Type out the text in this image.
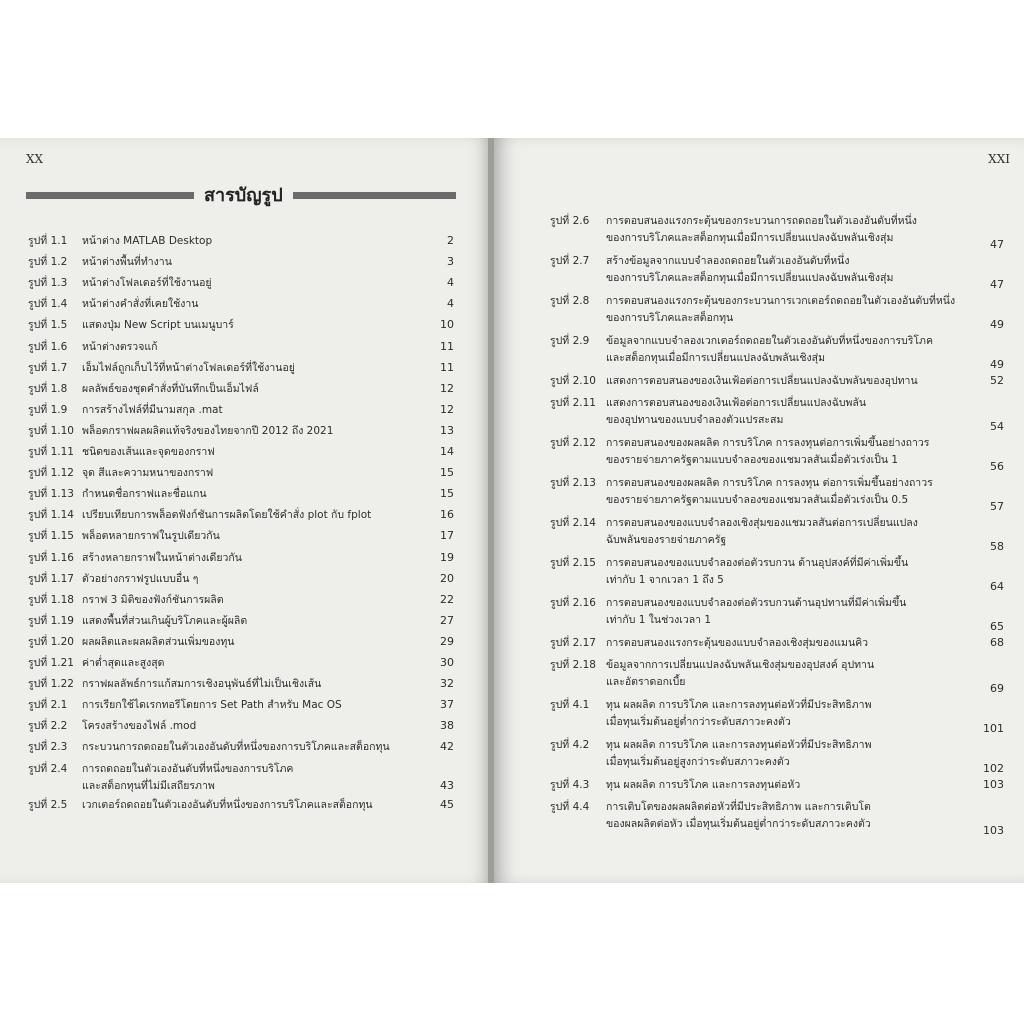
XX
สารบัญรูป
รูปที่ 1.1 หน้าต่าง MATLAB Desktop	2
รูปที่ 1.2 หน้าต่างพื้นที่ทำงาน	3
รูปที่ 1.3 หน้าต่างโฟลเดอร์ที่ใช้งานอยู่	4
รูปที่ 1.4 หน้าต่างคำสั่งที่เคยใช้งาน	4
รูปที่ 1.5 แสดงปุ่ม New Script บนเมนูบาร์	10
รูปที่ 1.6 หน้าต่างตรวจแก้	11
รูปที่ 1.7 เอ็มไฟล์ถูกเก็บไว้ที่หน้าต่างโฟลเดอร์ที่ใช้งานอยู่	11
รูปที่ 1.8 ผลลัพธ์ของชุดคำสั่งที่บันทึกเป็นเอ็มไฟล์	12
รูปที่ 1.9 การสร้างไฟล์ที่มีนามสกุล .mat	12
รูปที่ 1.10 พล็อตกราฟผลผลิตแท้จริงของไทยจากปี 2012 ถึง 2021	13
รูปที่ 1.11 ชนิดของเส้นและจุดของกราฟ	14
รูปที่ 1.12 จุด สีและความหนาของกราฟ	15
รูปที่ 1.13 กำหนดชื่อกราฟและชื่อแกน	15
รูปที่ 1.14 เปรียบเทียบการพล็อตฟังก์ชันการผลิตโดยใช้คำสั่ง plot กับ fplot	16
รูปที่ 1.15 พล็อตหลายกราฟในรูปเดียวกัน	17
รูปที่ 1.16 สร้างหลายกราฟในหน้าต่างเดียวกัน	19
รูปที่ 1.17 ตัวอย่างกราฟรูปแบบอื่น ๆ	20
รูปที่ 1.18 กราฟ 3 มิติของฟังก์ชันการผลิต	22
รูปที่ 1.19 แสดงพื้นที่ส่วนเกินผู้บริโภคและผู้ผลิต	27
รูปที่ 1.20 ผลผลิตและผลผลิตส่วนเพิ่มของทุน	29
รูปที่ 1.21 ค่าต่ำสุดและสูงสุด	30
รูปที่ 1.22 กราฟผลลัพธ์การแก้สมการเชิงอนุพันธ์ที่ไม่เป็นเชิงเส้น	32
รูปที่ 2.1 การเรียกใช้ไดเรกทอรีโดยการ Set Path สำหรับ Mac OS	37
รูปที่ 2.2 โครงสร้างของไฟล์ .mod	38
รูปที่ 2.3 กระบวนการถดถอยในตัวเองอันดับที่หนึ่งของการบริโภคและสต็อกทุน	42
รูปที่ 2.4 การถดถอยในตัวเองอันดับที่หนึ่งของการบริโภค
และสต็อกทุนที่ไม่มีเสถียรภาพ	43
รูปที่ 2.5 เวกเตอร์ถดถอยในตัวเองอันดับที่หนึ่งของการบริโภคและสต็อกทุน	45
XXI
รูปที่ 2.6 การตอบสนองแรงกระตุ้นของกระบวนการถดถอยในตัวเองอันดับที่หนึ่ง
ของการบริโภคและสต็อกทุนเมื่อมีการเปลี่ยนแปลงฉับพลันเชิงสุ่ม	47
รูปที่ 2.7 สร้างข้อมูลจากแบบจำลองถดถอยในตัวเองอันดับที่หนึ่ง
ของการบริโภคและสต็อกทุนเมื่อมีการเปลี่ยนแปลงฉับพลันเชิงสุ่ม	47
รูปที่ 2.8 การตอบสนองแรงกระตุ้นของกระบวนการเวกเตอร์ถดถอยในตัวเองอันดับที่หนึ่ง
ของการบริโภคและสต็อกทุน	49
รูปที่ 2.9 ข้อมูลจากแบบจำลองเวกเตอร์ถดถอยในตัวเองอันดับที่หนึ่งของการบริโภค
และสต็อกทุนเมื่อมีการเปลี่ยนแปลงฉับพลันเชิงสุ่ม	49
รูปที่ 2.10 แสดงการตอบสนองของเงินเฟ้อต่อการเปลี่ยนแปลงฉับพลันของอุปทาน	52
รูปที่ 2.11 แสดงการตอบสนองของเงินเฟ้อต่อการเปลี่ยนแปลงฉับพลัน
ของอุปทานของแบบจำลองตัวแปรสะสม	54
รูปที่ 2.12 การตอบสนองของผลผลิต การบริโภค การลงทุนต่อการเพิ่มขึ้นอย่างถาวร
ของรายจ่ายภาครัฐตามแบบจำลองของแชมวลสันเมื่อตัวเร่งเป็น 1	56
รูปที่ 2.13 การตอบสนองของผลผลิต การบริโภค การลงทุน ต่อการเพิ่มขึ้นอย่างถาวร
ของรายจ่ายภาครัฐตามแบบจำลองของแชมวลสันเมื่อตัวเร่งเป็น 0.5	57
รูปที่ 2.14 การตอบสนองของแบบจำลองเชิงสุ่มของแชมวลสันต่อการเปลี่ยนแปลง
ฉับพลันของรายจ่ายภาครัฐ	58
รูปที่ 2.15 การตอบสนองของแบบจำลองต่อตัวรบกวน ด้านอุปสงค์ที่มีค่าเพิ่มขึ้น
เท่ากับ 1 จากเวลา 1 ถึง 5	64
รูปที่ 2.16 การตอบสนองของแบบจำลองต่อตัวรบกวนด้านอุปทานที่มีค่าเพิ่มขึ้น
เท่ากับ 1 ในช่วงเวลา 1	65
รูปที่ 2.17 การตอบสนองแรงกระตุ้นของแบบจำลองเชิงสุ่มของแมนคิว	68
รูปที่ 2.18 ข้อมูลจากการเปลี่ยนแปลงฉับพลันเชิงสุ่มของอุปสงค์ อุปทาน
และอัตราดอกเบี้ย	69
รูปที่ 4.1 ทุน ผลผลิต การบริโภค และการลงทุนต่อหัวที่มีประสิทธิภาพ
เมื่อทุนเริ่มต้นอยู่ต่ำกว่าระดับสภาวะคงตัว	101
รูปที่ 4.2 ทุน ผลผลิต การบริโภค และการลงทุนต่อหัวที่มีประสิทธิภาพ
เมื่อทุนเริ่มต้นอยู่สูงกว่าระดับสภาวะคงตัว	102
รูปที่ 4.3 ทุน ผลผลิต การบริโภค และการลงทุนต่อหัว	103
รูปที่ 4.4 การเติบโตของผลผลิตต่อหัวที่มีประสิทธิภาพ และการเติบโต
ของผลผลิตต่อหัว เมื่อทุนเริ่มต้นอยู่ต่ำกว่าระดับสภาวะคงตัว	103
